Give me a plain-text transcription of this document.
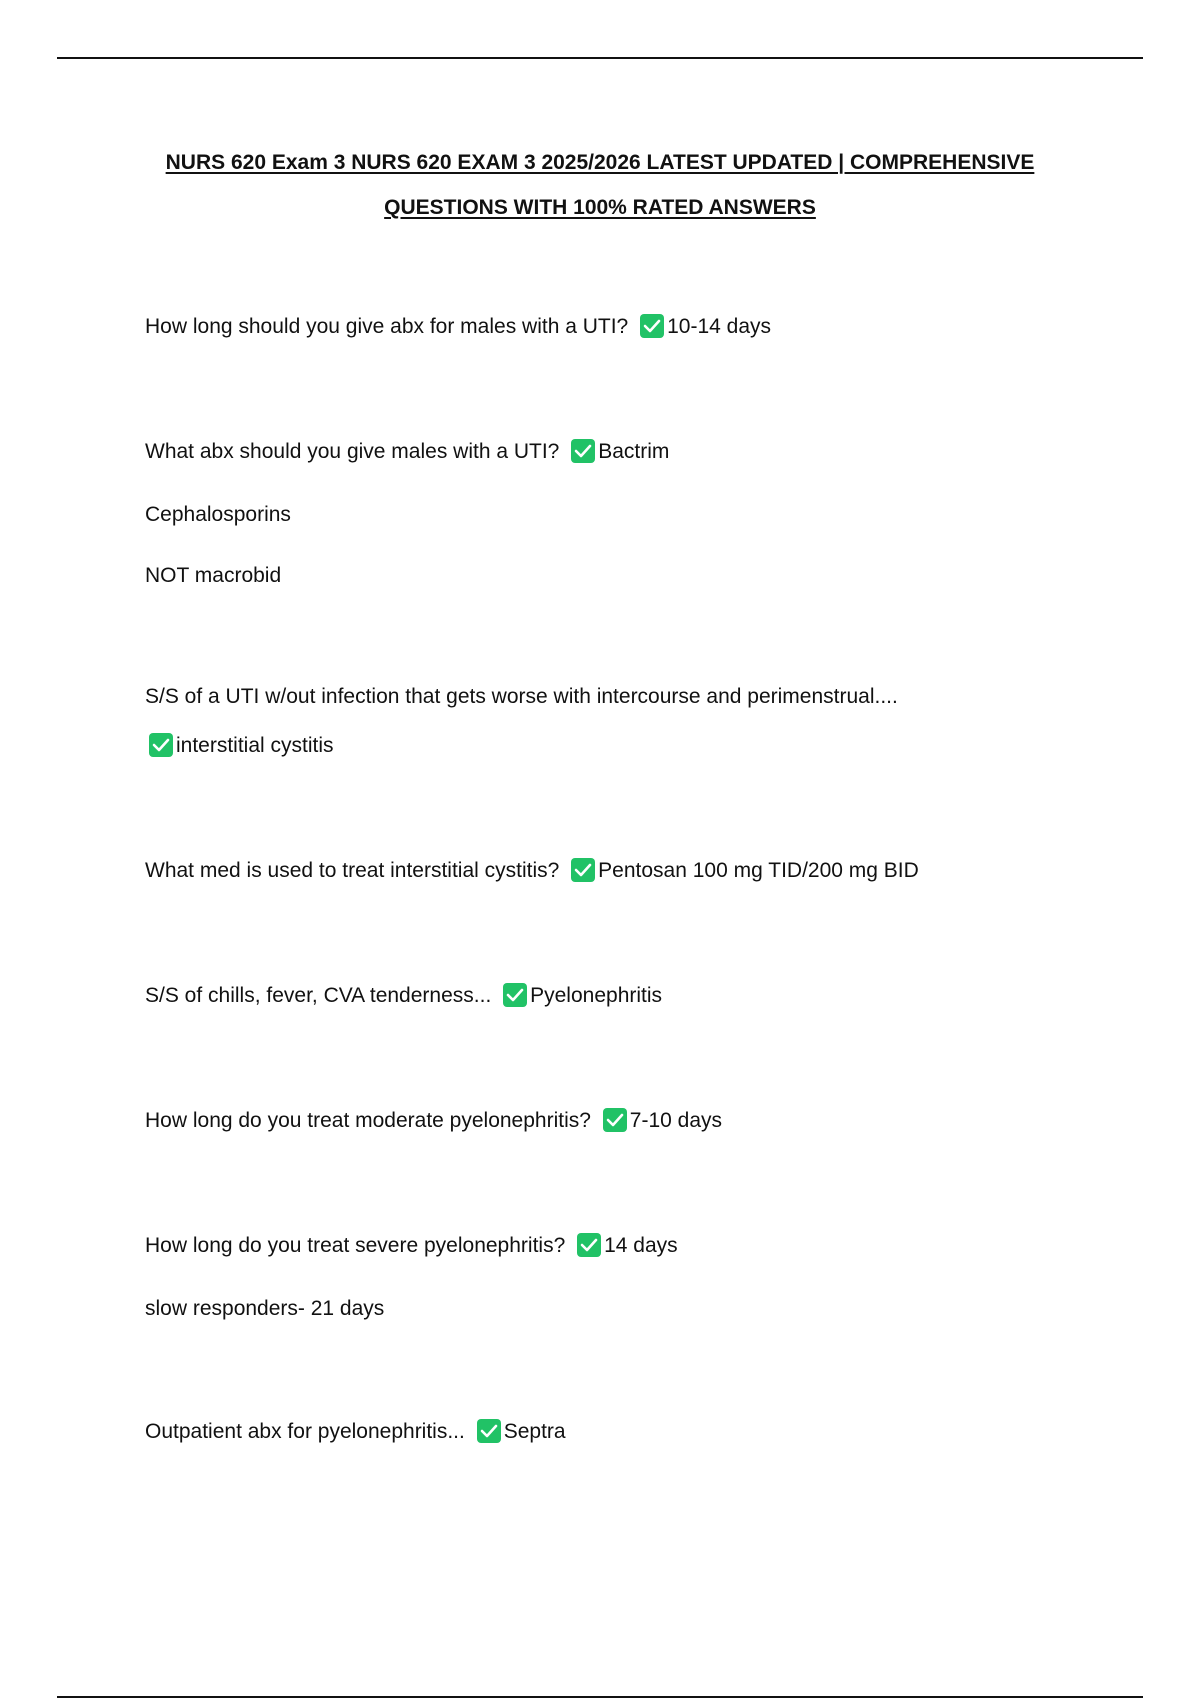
NURS 620 Exam 3 NURS 620 EXAM 3 2025/2026 LATEST UPDATED | COMPREHENSIVE
QUESTIONS WITH 100% RATED ANSWERS
How long should you give abx for males with a UTI? 10-14 days
What abx should you give males with a UTI? Bactrim
Cephalosporins
NOT macrobid
S/S of a UTI w/out infection that gets worse with intercourse and perimenstrual....
interstitial cystitis
What med is used to treat interstitial cystitis? Pentosan 100 mg TID/200 mg BID
S/S of chills, fever, CVA tenderness... Pyelonephritis
How long do you treat moderate pyelonephritis? 7-10 days
How long do you treat severe pyelonephritis? 14 days
slow responders- 21 days
Outpatient abx for pyelonephritis... Septra
